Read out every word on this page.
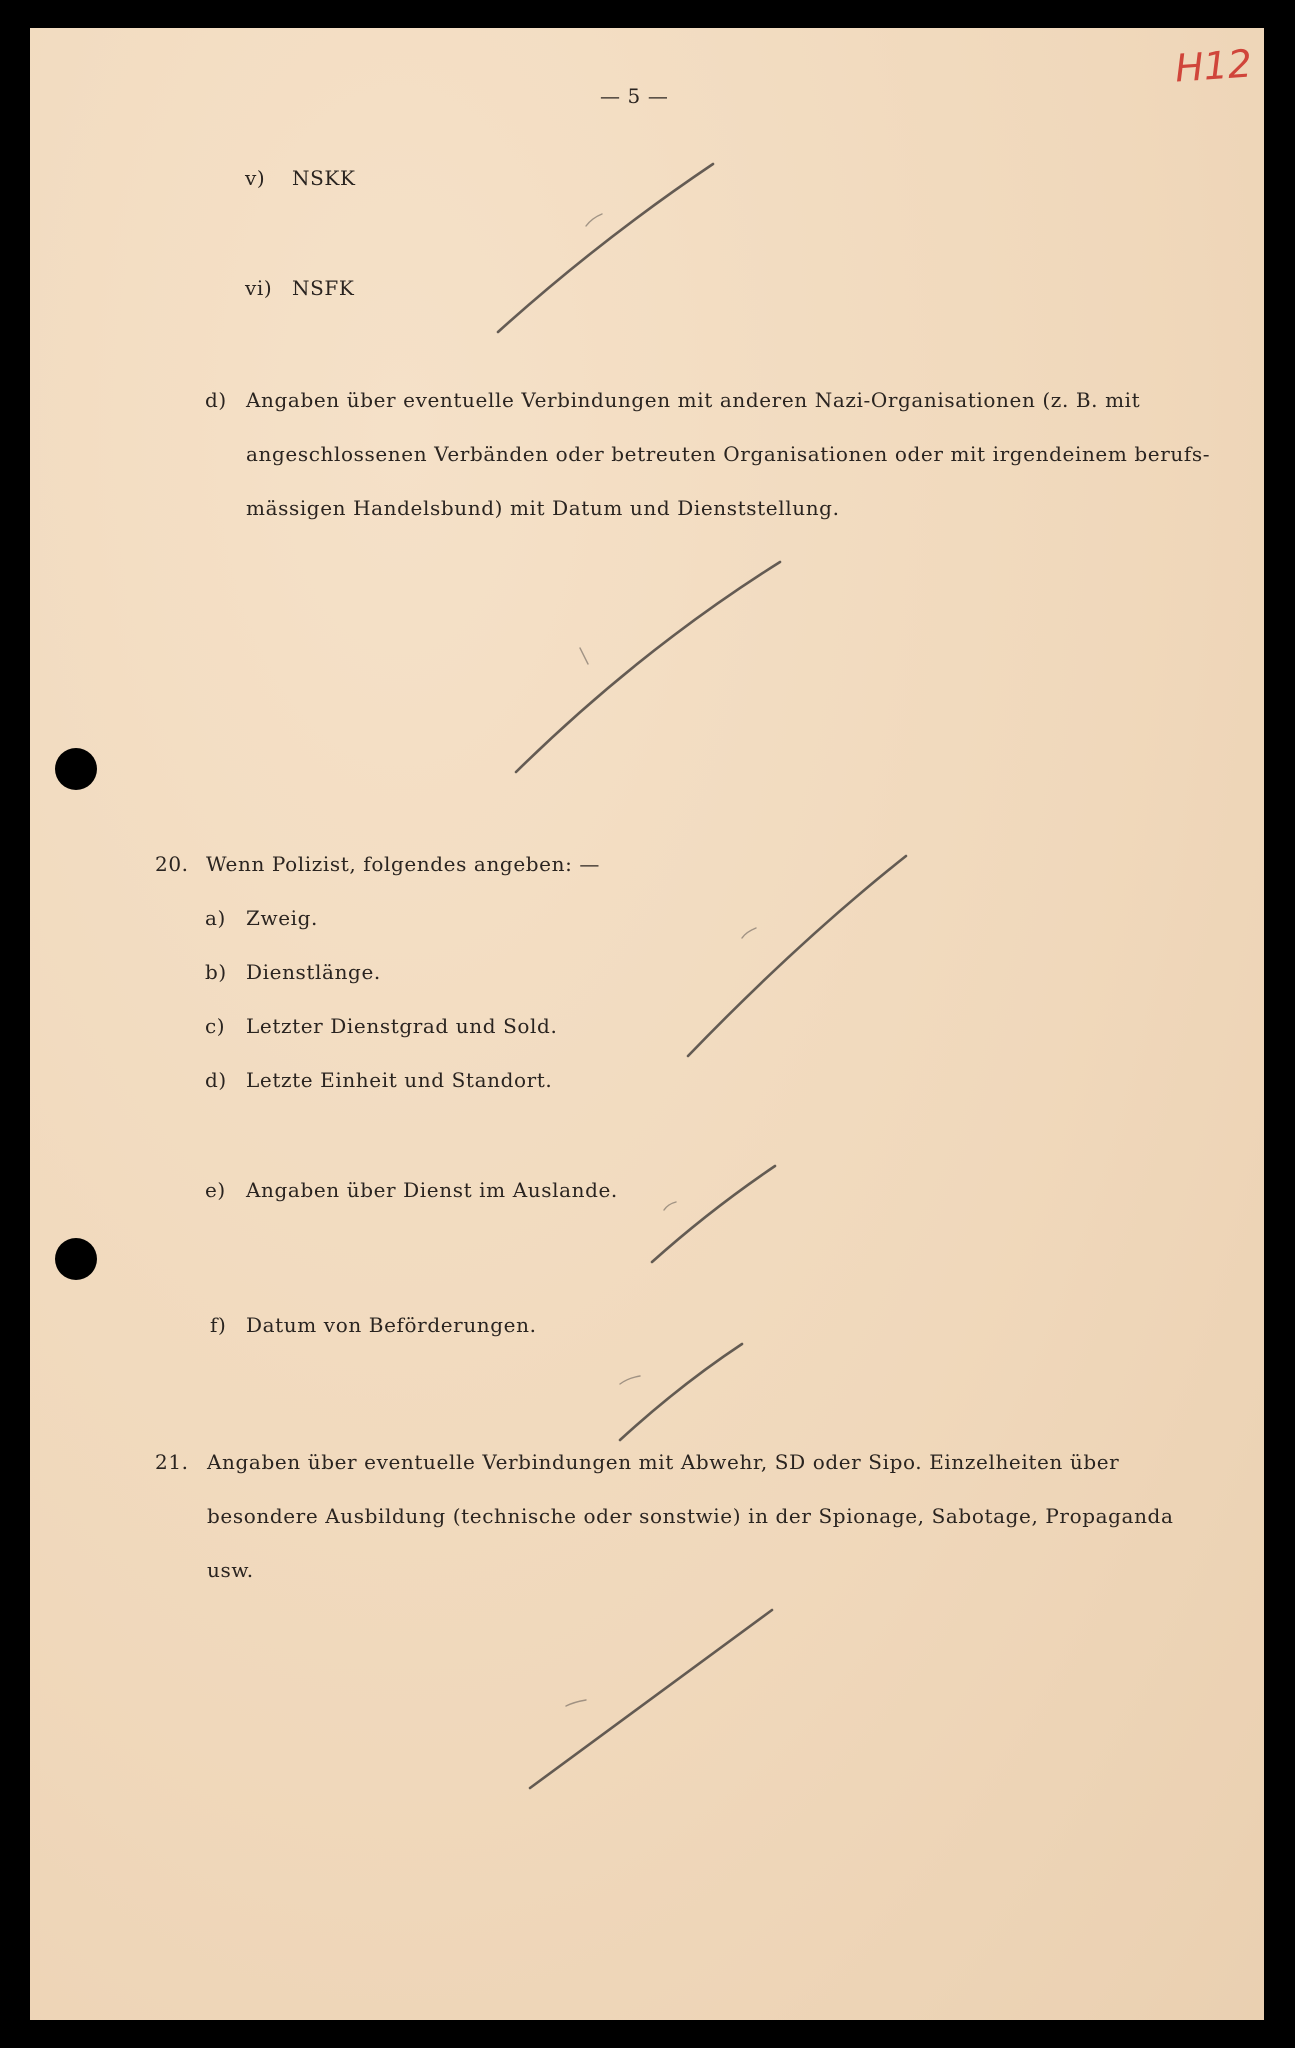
H12
— 5 —
v) NSKK
vi) NSFK
d) Angaben über eventuelle Verbindungen mit anderen Nazi-Organisationen (z. B. mit
angeschlossenen Verbänden oder betreuten Organisationen oder mit irgendeinem berufs-
mässigen Handelsbund) mit Datum und Dienststellung.
20. Wenn Polizist, folgendes angeben: —
a) Zweig.
b) Dienstlänge.
c) Letzter Dienstgrad und Sold.
d) Letzte Einheit und Standort.
e) Angaben über Dienst im Auslande.
f) Datum von Beförderungen.
21. Angaben über eventuelle Verbindungen mit Abwehr, SD oder Sipo. Einzelheiten über
besondere Ausbildung (technische oder sonstwie) in der Spionage, Sabotage, Propaganda
usw.
